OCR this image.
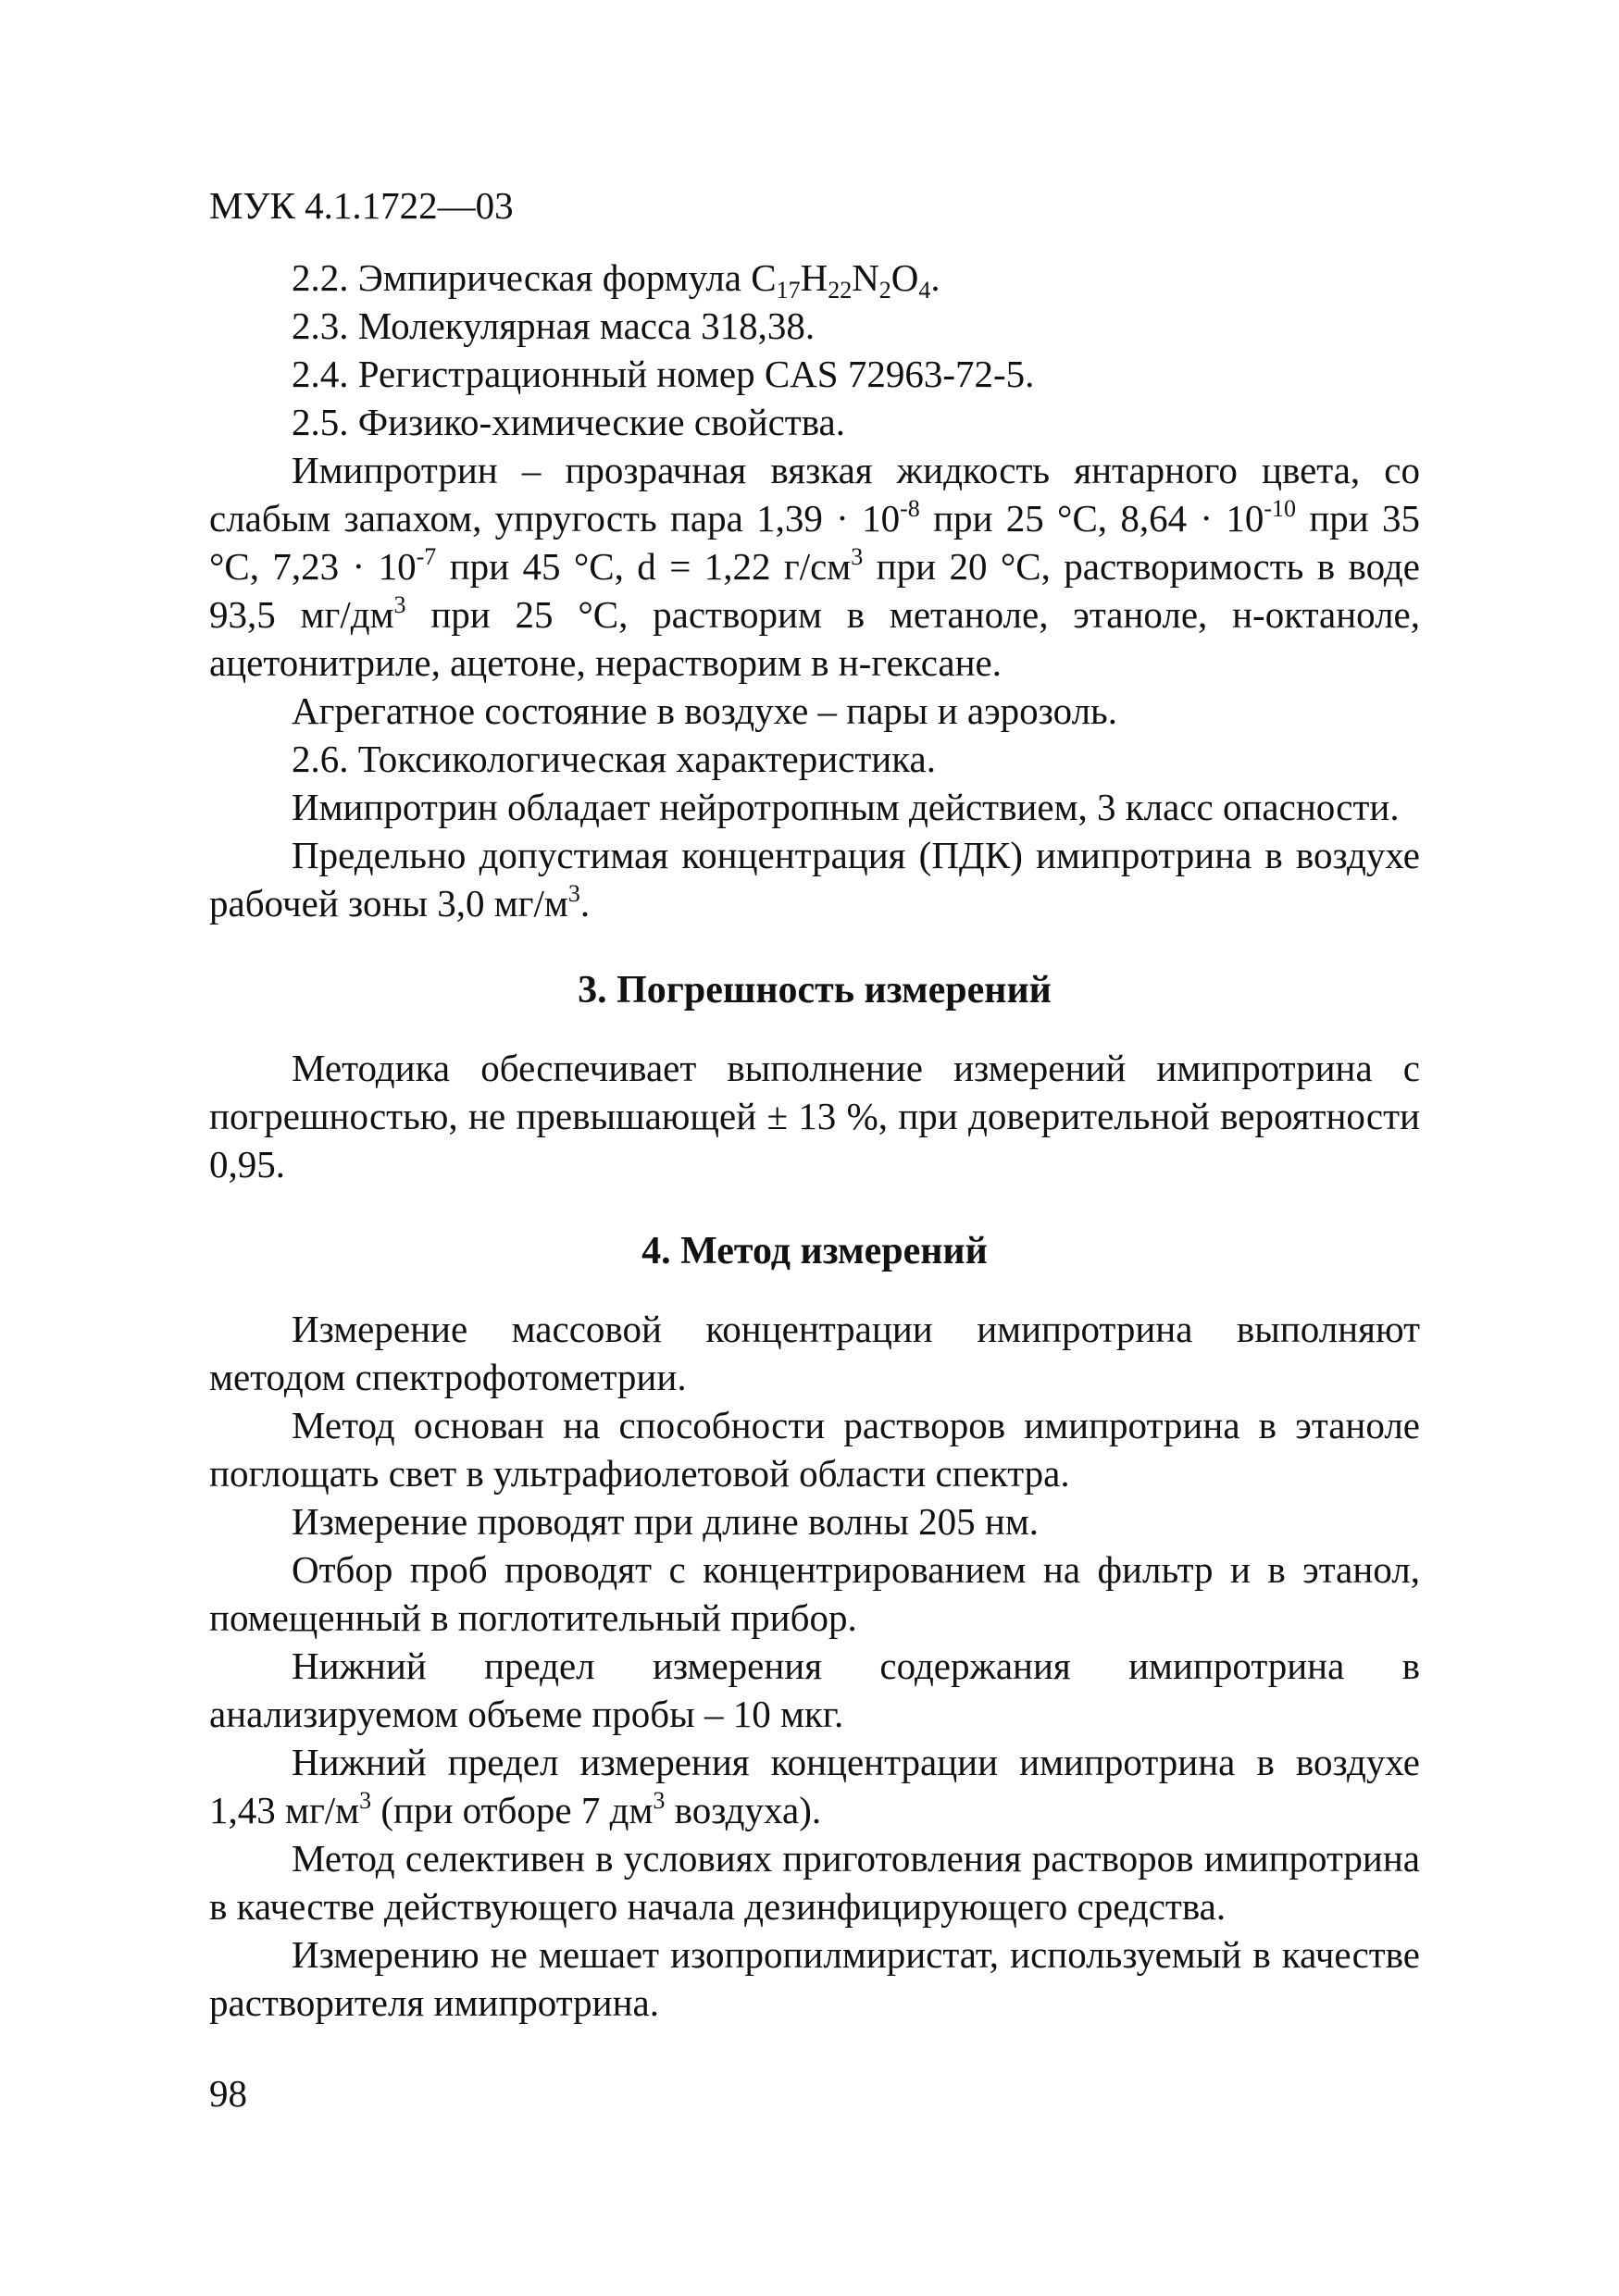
МУК 4.1.1722—03

2.2. Эмпирическая формула $C_{17}H_{22}N_2O_4$.

2.3. Молекулярная масса 318,38.

2.4. Регистрационный номер CAS 72963-72-5.

2.5. Физико-химические свойства.

Имипротрин – прозрачная вязкая жидкость янтарного цвета, со слабым запахом, упругость пара $1,39 \cdot 10^{-8}$ при 25 °С, $8,64 \cdot 10^{-10}$ при 35 °С, $7,23 \cdot 10^{-7}$ при 45 °С, d = 1,22 $г/см^3$ при 20 °С, растворимость в воде 93,5 $мг/дм^3$ при 25 °С, растворим в метаноле, этаноле, н-октаноле, ацетонитриле, ацетоне, нерастворим в н-гексане.

Агрегатное состояние в воздухе – пары и аэрозоль.

2.6. Токсикологическая характеристика.

Имипротрин обладает нейротропным действием, 3 класс опасности.

Предельно допустимая концентрация (ПДК) имипротрина в воздухе рабочей зоны 3,0 $мг/м^3$.

3. Погрешность измерений

Методика обеспечивает выполнение измерений имипротрина с погрешностью, не превышающей ± 13 %, при доверительной вероятности 0,95.

4. Метод измерений

Измерение массовой концентрации имипротрина выполняют методом спектрофотометрии.

Метод основан на способности растворов имипротрина в этаноле поглощать свет в ультрафиолетовой области спектра.

Измерение проводят при длине волны 205 нм.

Отбор проб проводят с концентрированием на фильтр и в этанол, помещенный в поглотительный прибор.

Нижний предел измерения содержания имипротрина в анализируемом объеме пробы – 10 мкг.

Нижний предел измерения концентрации имипротрина в воздухе 1,43 $мг/м^3$ (при отборе 7 $дм^3$ воздуха).

Метод селективен в условиях приготовления растворов имипротрина в качестве действующего начала дезинфицирующего средства.

Измерению не мешает изопропилмиристат, используемый в качестве растворителя имипротрина.

98
